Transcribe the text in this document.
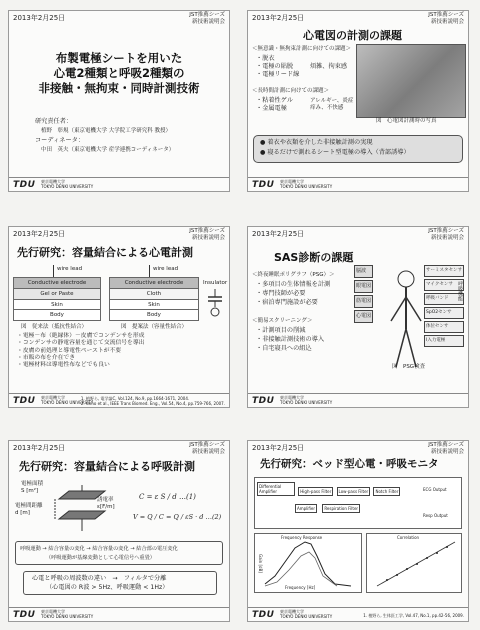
2013年2月25日	JST推薦シーズ
新技術説明会
布製電極シートを用いた
心電2種類と呼吸2種類の
非接触・無拘束・同時計測技術
研究責任者：
植野　彰規（東京電機大学 大学院工学研究科 教授）
コーディネータ：
中田　英夫（東京電機大学 産学連携コーディネータ）
TDU 東京電機大学
TOKYO DENKI UNIVERSITY
2013年2月25日	JST推薦シーズ
新技術説明会
心電図の計測の課題
図　心電図計測時の写真
＜無意識・無拘束計測に向けての課題＞
・脱衣
・電極の貼脱
・電極リード線
煩雑、拘束感
＜長時間計測に向けての課題＞
・粘着性ゲル
・金属電極
アレルギー、炎症
痒み、不快感
● 着衣や衣類を介した非接触計測の実現
● 寝るだけで測れるシート型電極の導入（背部誘導）
TDU 東京電機大学
TOKYO DENKI UNIVERSITY
2013年2月25日	JST推薦シーズ
新技術説明会
先行研究：容量結合による心電計測
wire lead
Conductive electrode
Gel or Paste
Skin
Body
図　従来法（抵抗性結合）
wire lead
Conductive electrode
Cloth
Skin
Body
Insulator
図　提案法（容量性結合）
・電極－布（絶縁体）－皮膚でコンデンサを形成
・コンデンサの静電容量を通じて交流信号を導出
・皮膚の前処理と導電性ペーストが不要
・市販の布を介在でき
・電極材料は導電性布などでも良い
TDU 東京電機大学
TOKYO DENKI UNIVERSITY
1. 植野ら, 電学論C, Vol.124, No.9, pp.1664-1671, 2004.
2. Ueno et al., IEEE Trans Biomed. Eng., Vol.54, No.4, pp.759-766, 2007.
2013年2月25日	JST推薦シーズ
新技術説明会
SAS診断の課題
＜終夜睡眠ポリグラフ（PSG）＞
・多項目の生体情報を計測
・専門技師が必要
・宿泊専門施設が必要
＜簡易スクリーニング＞
・計測項目の削減
・非接触計測技術の導入
・自宅寝具への組込
脳波
眼電図
筋電図
心電図
サーミスタセンサ
マイクセンサ
呼吸バンド
SpO2センサ
体位センサ
Ⅰ入力電極
呼吸機能
図　PSG検査
TDU 東京電機大学
TOKYO DENKI UNIVERSITY
2013年2月25日	JST推薦シーズ
新技術説明会
先行研究：容量結合による呼吸計測
電極面積
S [m²]
電極間距離
d [m]
誘電率
ε[F/m]
C = ε S / d …(1)
V = Q / C = Q / εS · d …(2)
呼吸運動 → 結合容量の変化 → 結合容量の変化 → 結合部の電圧変化
（呼吸運動が基線変動として心電信号へ重畳）
心電と呼吸の周波数の違い　→　フィルタで分離
（心電図の R波 > 5Hz、呼吸運動 < 1Hz）
TDU 東京電機大学
TOKYO DENKI UNIVERSITY
2013年2月25日	JST推薦シーズ
新技術説明会
先行研究：ベッド型心電・呼吸モニタ
Differential Amplifier	High-pass Filter Low-pass Filter Notch Filter
Amplifier Respiration Filter
ECG Output
Resp Output
Frequency Response
Frequency [Hz]
Gain [dB]
Correlation
TDU 東京電機大学
TOKYO DENKI UNIVERSITY	1. 植野ら, 生体医工学, Vol.47, No.1, pp.42-56, 2009.
